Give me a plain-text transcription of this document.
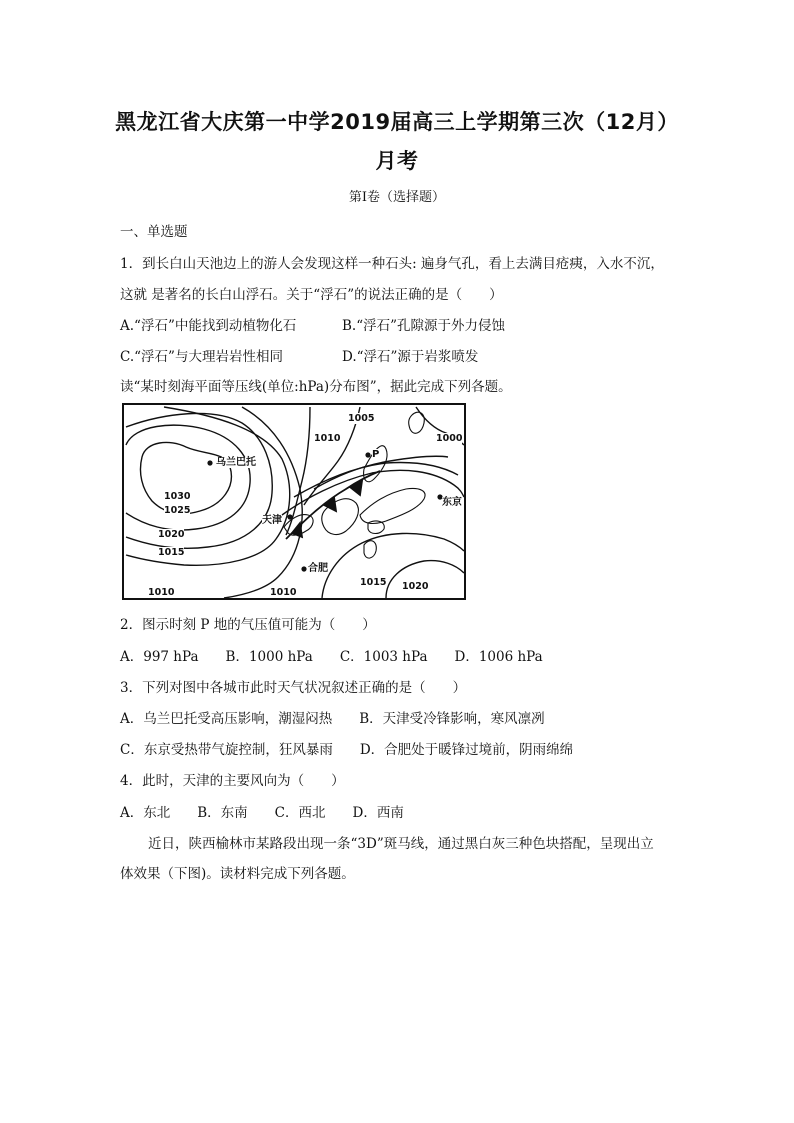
黑龙江省大庆第一中学2019届高三上学期第三次（12月）
月考
第Ⅰ卷（选择题）
一、单选题
1．到长白山天池边上的游人会发现这样一种石头: 遍身气孔，看上去满目疮痍，入水不沉，
这就 是著名的长白山浮石。关于“浮石”的说法正确的是（　　）
A.“浮石”中能找到动植物化石	B.“浮石”孔隙源于外力侵蚀
C.“浮石”与大理岩岩性相同	D.“浮石”源于岩浆喷发
读“某时刻海平面等压线(单位:hPa)分布图”，据此完成下列各题。
1030
1025
1020
1015
1010	1010
1010
1005
1000
1015 1020
乌兰巴托
天津
合肥
东京
P
2．图示时刻 P 地的气压值可能为（　　）
A．997 hPa　　B．1000 hPa　　C．1003 hPa　　D．1006 hPa
3．下列对图中各城市此时天气状况叙述正确的是（　　）
A．乌兰巴托受高压影响，潮湿闷热　　B．天津受冷锋影响，寒风凛冽
C．东京受热带气旋控制，狂风暴雨　　D．合肥处于暖锋过境前，阴雨绵绵
4．此时，天津的主要风向为（　　）
A．东北　　B．东南　　C．西北　　D．西南
近日，陕西榆林市某路段出现一条“3D”斑马线，通过黑白灰三种色块搭配，呈现出立
体效果（下图)。读材料完成下列各题。
